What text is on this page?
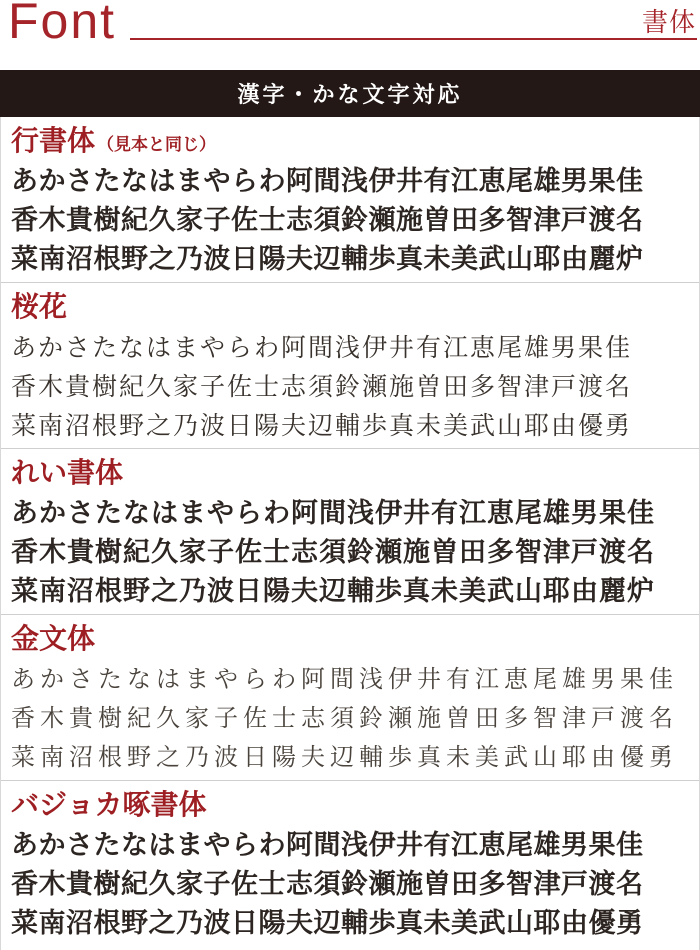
Font	書体
漢字・かな文字対応
行書体 （見本と同じ）

あかさたなはまやらわ阿間浅伊井有江恵尾雄男果佳

香木貴樹紀久家子佐士志須鈴瀬施曽田多智津戸渡名

菜南沼根野之乃波日陽夫辺輔歩真未美武山耶由麗炉

桜花

あかさたなはまやらわ阿間浅伊井有江恵尾雄男果佳

香木貴樹紀久家子佐士志須鈴瀬施曽田多智津戸渡名

菜南沼根野之乃波日陽夫辺輔歩真未美武山耶由優勇

れい書体

あかさたなはまやらわ阿間浅伊井有江恵尾雄男果佳

香木貴樹紀久家子佐士志須鈴瀬施曽田多智津戸渡名

菜南沼根野之乃波日陽夫辺輔歩真未美武山耶由麗炉

金文体

あかさたなはまやらわ阿間浅伊井有江恵尾雄男果佳

香木貴樹紀久家子佐士志須鈴瀬施曽田多智津戸渡名

菜南沼根野之乃波日陽夫辺輔歩真未美武山耶由優勇

バジョカ啄書体

あかさたなはまやらわ阿間浅伊井有江恵尾雄男果佳

香木貴樹紀久家子佐士志須鈴瀬施曽田多智津戸渡名

菜南沼根野之乃波日陽夫辺輔歩真未美武山耶由優勇
